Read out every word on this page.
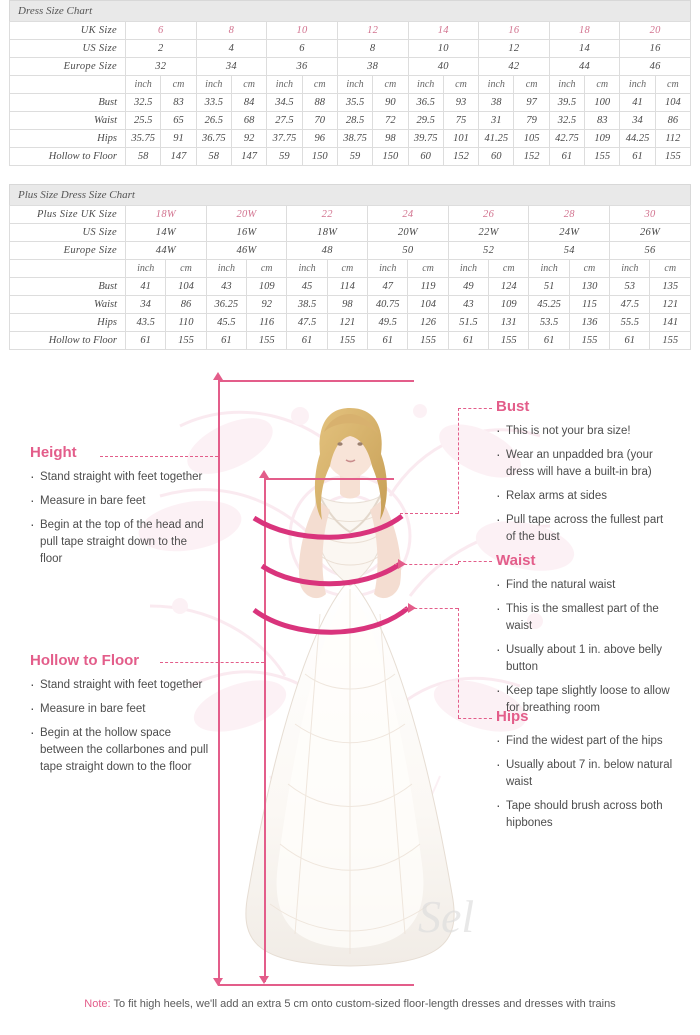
Dress Size Chart
UK Size	6		8		10		12		14		16		18		20	
US Size	2		4		6		8		10		12		14		16	
Europe Size	32		34		36		38		40		42		44		46	
	inch	cm	inch	cm	inch	cm	inch	cm	inch	cm	inch	cm	inch	cm	inch	cm
Bust	32.5	83	33.5	84	34.5	88	35.5	90	36.5	93	38	97	39.5	100	41	104
Waist	25.5	65	26.5	68	27.5	70	28.5	72	29.5	75	31	79	32.5	83	34	86
Hips	35.75	91	36.75	92	37.75	96	38.75	98	39.75	101	41.25	105	42.75	109	44.25	112
Hollow to Floor	58	147	58	147	59	150	59	150	60	152	60	152	61	155	61	155
Plus Size Dress Size Chart
Plus Size UK Size	18W		20W		22		24		26		28		30	
US Size	14W		16W		18W		20W		22W		24W		26W	
Europe Size	44W		46W		48		50		52		54		56	
	inch	cm	inch	cm	inch	cm	inch	cm	inch	cm	inch	cm	inch	cm
Bust	41	104	43	109	45	114	47	119	49	124	51	130	53	135
Waist	34	86	36.25	92	38.5	98	40.75	104	43	109	45.25	115	47.5	121
Hips	43.5	110	45.5	116	47.5	121	49.5	126	51.5	131	53.5	136	55.5	141
Hollow to Floor	61	155	61	155	61	155	61	155	61	155	61	155	61	155
Height
· Stand straight with feet together
· Measure in bare feet
· Begin at the top of the head and pull tape straight down to the floor
Hollow to Floor
· Stand straight with feet together
· Measure in bare feet
· Begin at the hollow space between the collarbones and pull tape straight down to the floor
Bust
· This is not your bra size!
· Wear an unpadded bra (your dress will have a built-in bra)
· Relax arms at sides
· Pull tape across the fullest part of the bust
Waist
· Find the natural waist
· This is the smallest part of the waist
· Usually about 1 in. above belly button
· Keep tape slightly loose to allow for breathing room
Hips
· Find the widest part of the hips
· Usually about 7 in. below natural waist
· Tape should brush across both hipbones
Sel
Note: To fit high heels, we'll add an extra 5 cm onto custom-sized floor-length dresses and dresses with trains
